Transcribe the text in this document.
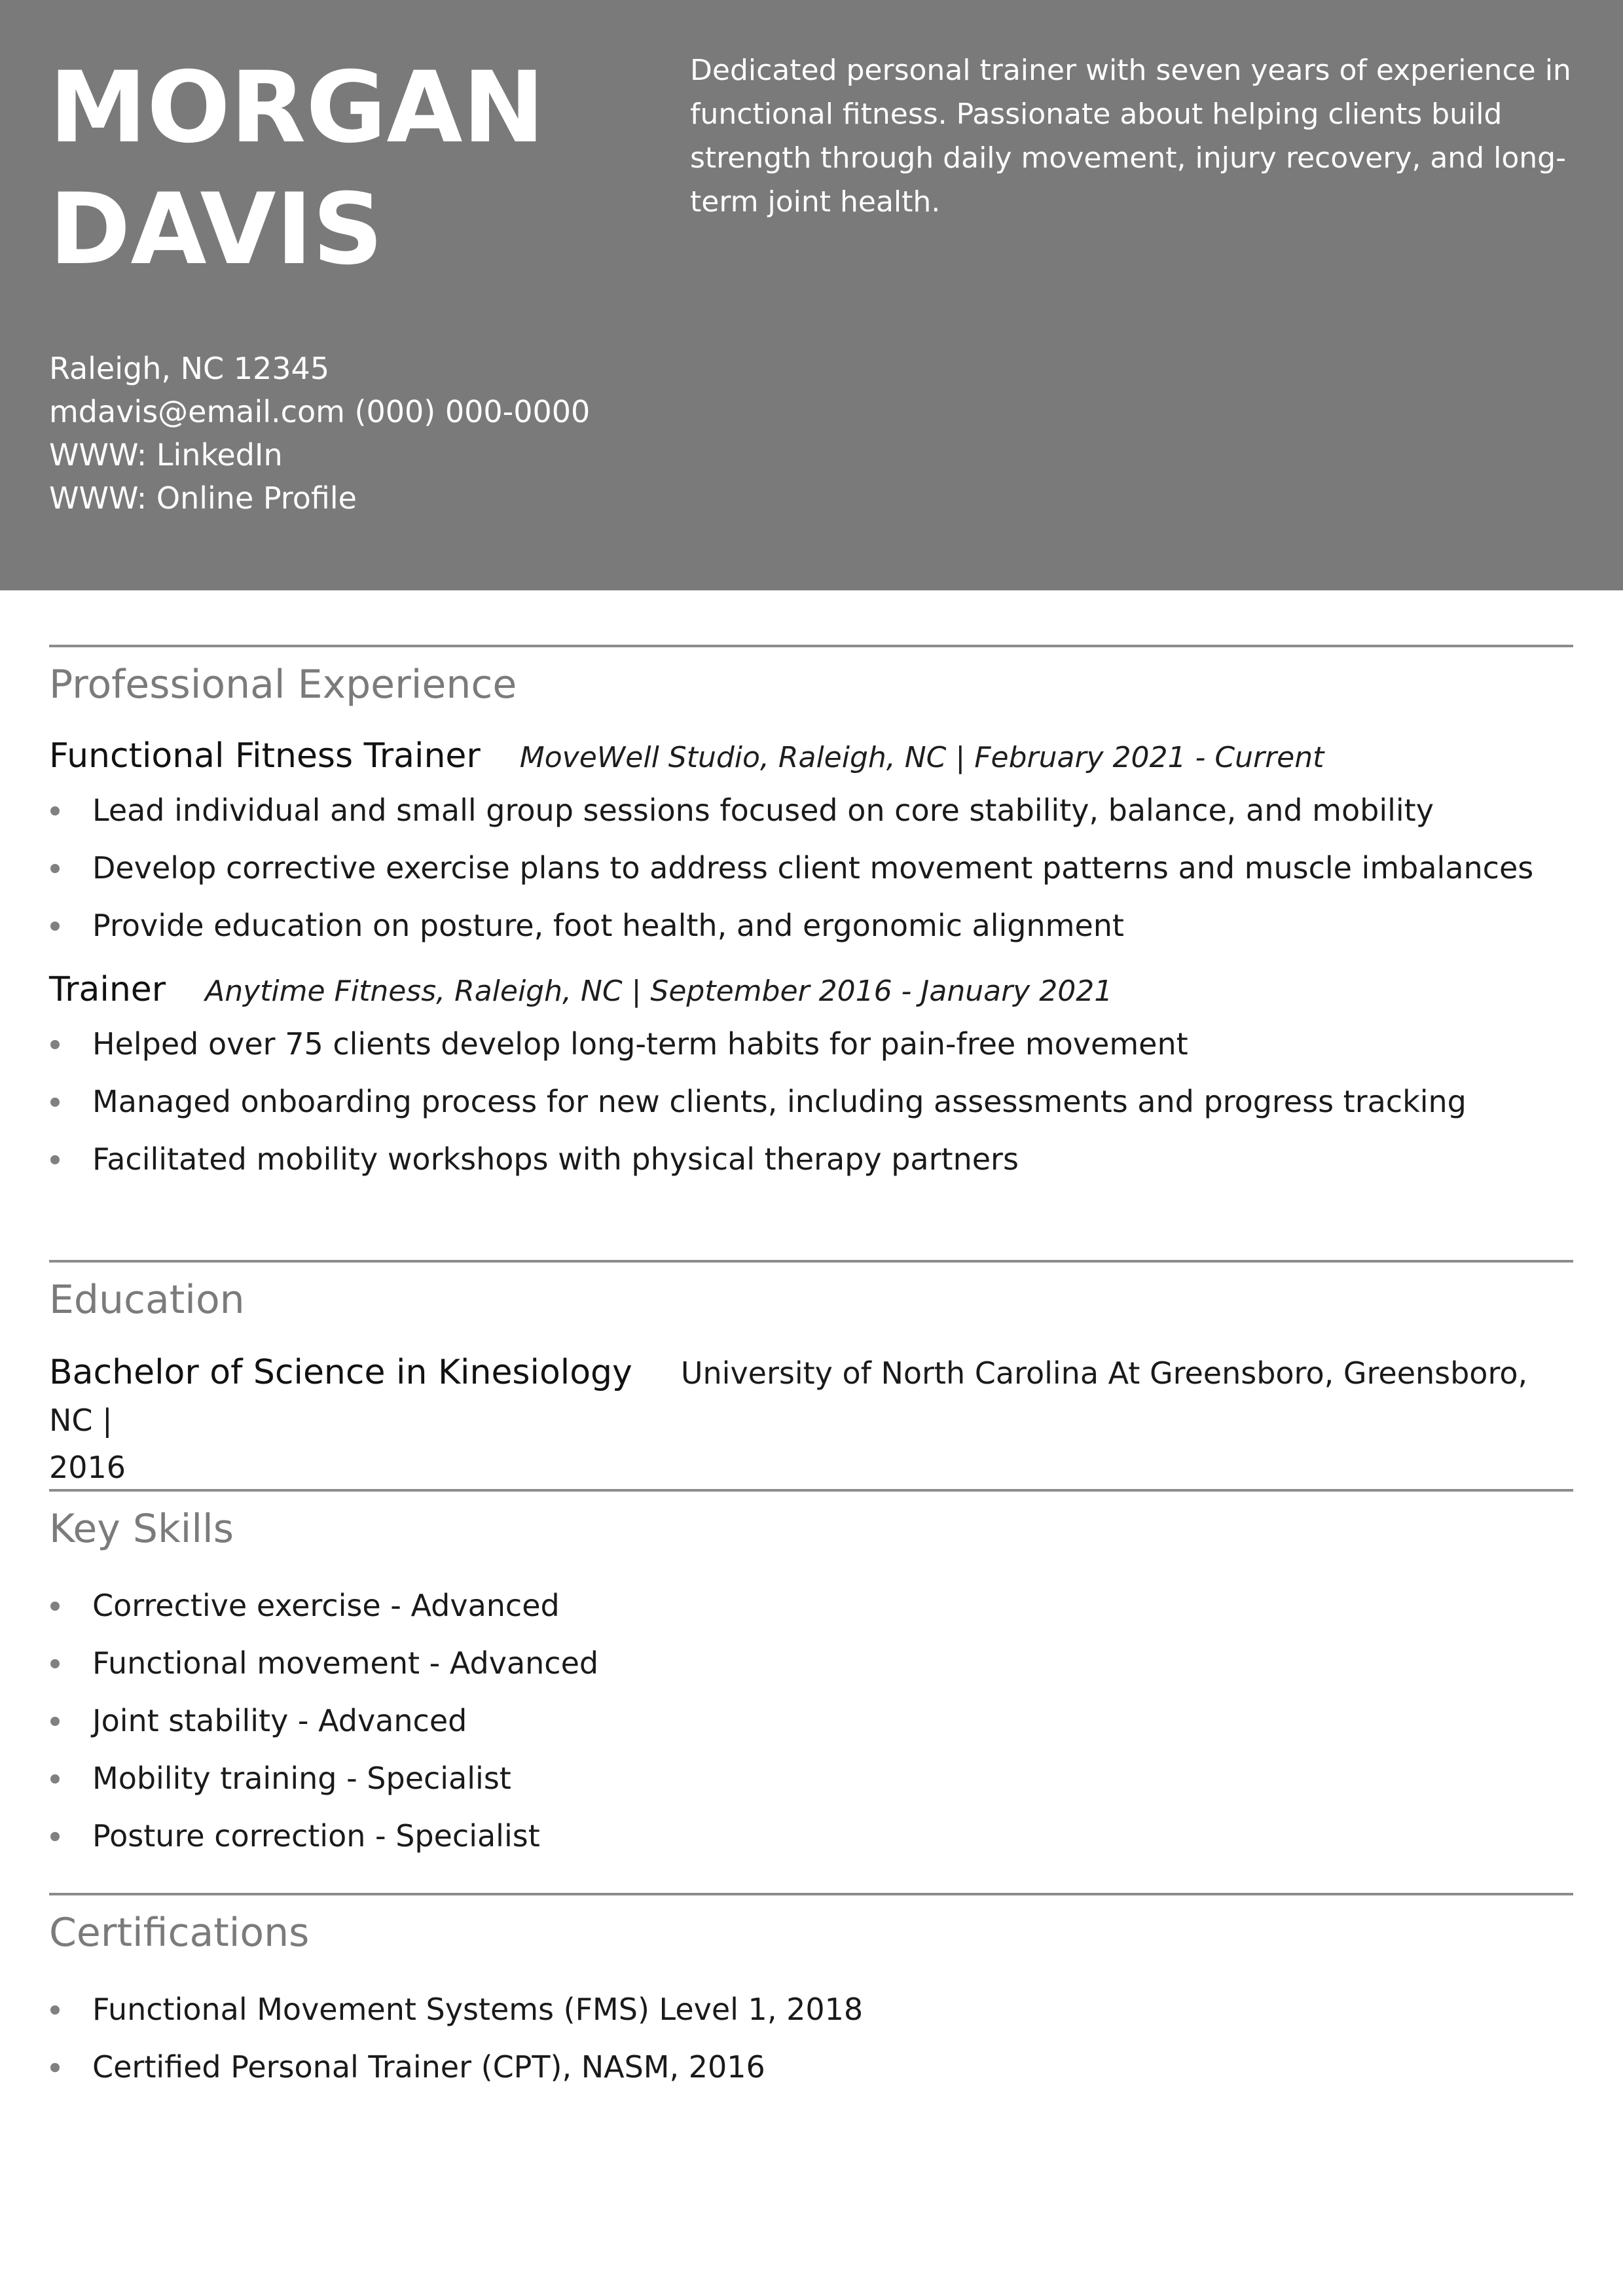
MORGAN
DAVIS

Dedicated personal trainer with seven years of experience in functional fitness. Passionate about helping clients build strength through daily movement, injury recovery, and long-term joint health.

Raleigh, NC 12345
mdavis@email.com (000) 000-0000
WWW: LinkedIn
WWW: Online Profile
Professional Experience
Functional Fitness Trainer MoveWell Studio, Raleigh, NC | February 2021 - Current
Lead individual and small group sessions focused on core stability, balance, and mobility
Develop corrective exercise plans to address client movement patterns and muscle imbalances
Provide education on posture, foot health, and ergonomic alignment
Trainer Anytime Fitness, Raleigh, NC | September 2016 - January 2021
Helped over 75 clients develop long-term habits for pain-free movement
Managed onboarding process for new clients, including assessments and progress tracking
Facilitated mobility workshops with physical therapy partners
Education
Bachelor of Science in Kinesiology University of North Carolina At Greensboro, Greensboro, NC |
2016
Key Skills
Corrective exercise - Advanced
Functional movement - Advanced
Joint stability - Advanced
Mobility training - Specialist
Posture correction - Specialist
Certifications
Functional Movement Systems (FMS) Level 1, 2018
Certified Personal Trainer (CPT), NASM, 2016
